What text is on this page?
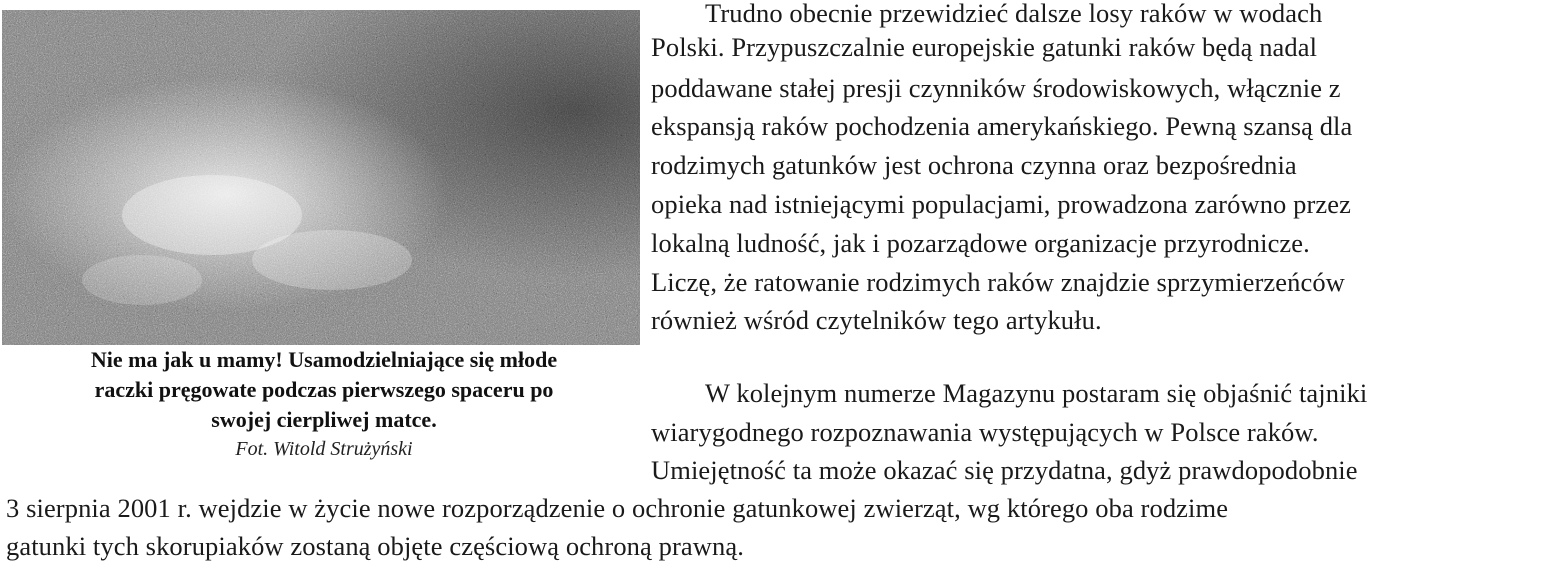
Nie ma jak u mamy! Usamodzielniające się młode
raczki pręgowate podczas pierwszego spaceru po
swojej cierpliwej matce.
Fot. Witold Strużyński
Trudno obecnie przewidzieć dalsze losy raków w wodach
Polski. Przypuszczalnie europejskie gatunki raków będą nadal
poddawane stałej presji czynników środowiskowych, włącznie z
ekspansją raków pochodzenia amerykańskiego. Pewną szansą dla
rodzimych gatunków jest ochrona czynna oraz bezpośrednia
opieka nad istniejącymi populacjami, prowadzona zarówno przez
lokalną ludność, jak i pozarządowe organizacje przyrodnicze.
Liczę, że ratowanie rodzimych raków znajdzie sprzymierzeńców
również wśród czytelników tego artykułu.
W kolejnym numerze Magazynu postaram się objaśnić tajniki
wiarygodnego rozpoznawania występujących w Polsce raków.
Umiejętność ta może okazać się przydatna, gdyż prawdopodobnie
3 sierpnia 2001 r. wejdzie w życie nowe rozporządzenie o ochronie gatunkowej zwierząt, wg którego oba rodzime
gatunki tych skorupiaków zostaną objęte częściową ochroną prawną.
